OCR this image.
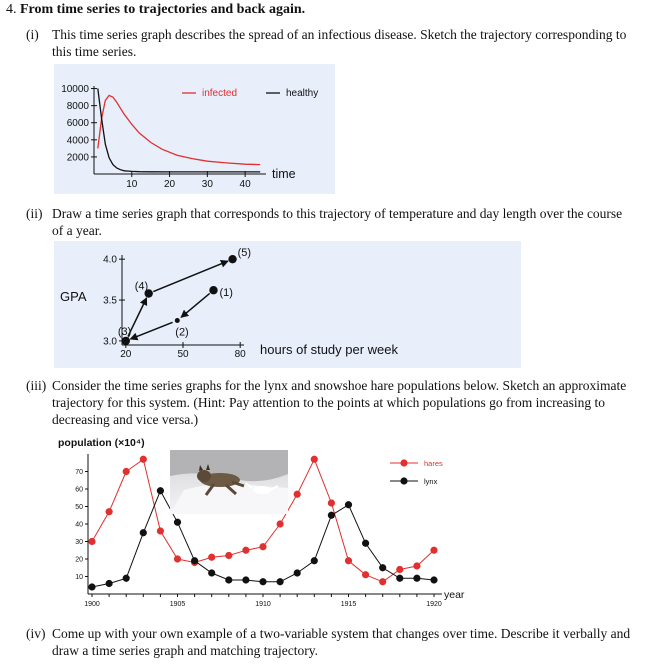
4. From time series to trajectories and back again.
(i) This time series graph describes the spread of an infectious disease. Sketch the trajectory corresponding to
this time series.
2000
4000
6000
8000
10000
10	20	30	40
time
infected	healthy
(ii) Draw a time series graph that corresponds to this trajectory of temperature and day length over the course
of a year.
3.0
3.5
4.0
20	50	80
GPA
hours of study per week
(1)
(2)
(3)
(4)
(5)
(iii) Consider the time series graphs for the lynx and snowshoe hare populations below. Sketch an approximate
trajectory for this system. (Hint: Pay attention to the points at which populations go from increasing to
decreasing and vice versa.)
population (×10⁴)
10
20
30
40
50
60
70
1900	1905	1910	1915	1920
year
hares
lynx
(iv) Come up with your own example of a two-variable system that changes over time. Describe it verbally and
draw a time series graph and matching trajectory.
